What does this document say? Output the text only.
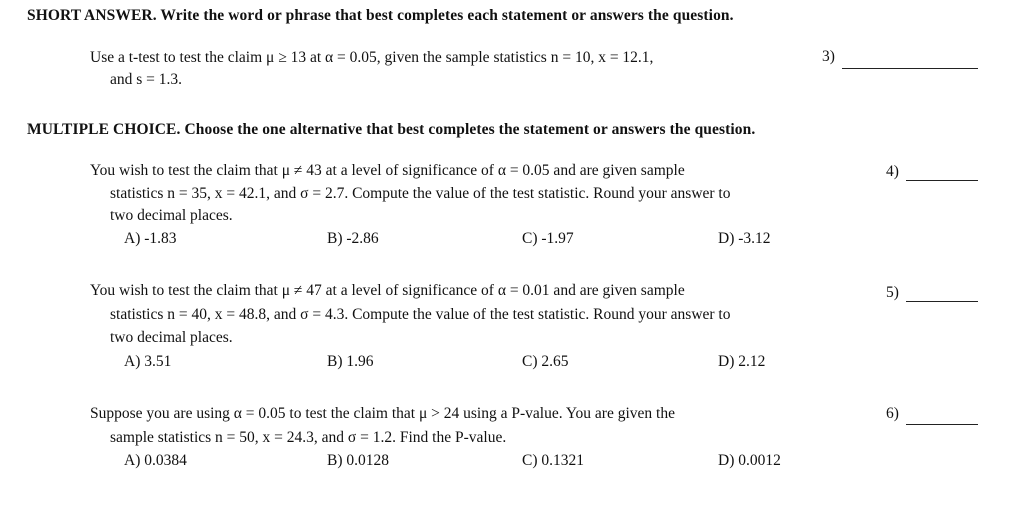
SHORT ANSWER. Write the word or phrase that best completes each statement or answers the question.
Use a t-test to test the claim μ ≥ 13 at α = 0.05, given the sample statistics n = 10, x = 12.1,
and s = 1.3.
3)
MULTIPLE CHOICE. Choose the one alternative that best completes the statement or answers the question.
You wish to test the claim that μ ≠ 43 at a level of significance of α = 0.05 and are given sample
statistics n = 35, x = 42.1, and σ = 2.7. Compute the value of the test statistic. Round your answer to
two decimal places.
A) -1.83	B) -2.86	C) -1.97	D) -3.12
4)
You wish to test the claim that μ ≠ 47 at a level of significance of α = 0.01 and are given sample
statistics n = 40, x = 48.8, and σ = 4.3. Compute the value of the test statistic. Round your answer to
two decimal places.
A) 3.51	B) 1.96	C) 2.65	D) 2.12
5)
Suppose you are using α = 0.05 to test the claim that μ > 24 using a P-value. You are given the
sample statistics n = 50, x = 24.3, and σ = 1.2. Find the P-value.
A) 0.0384	B) 0.0128	C) 0.1321	D) 0.0012
6)
